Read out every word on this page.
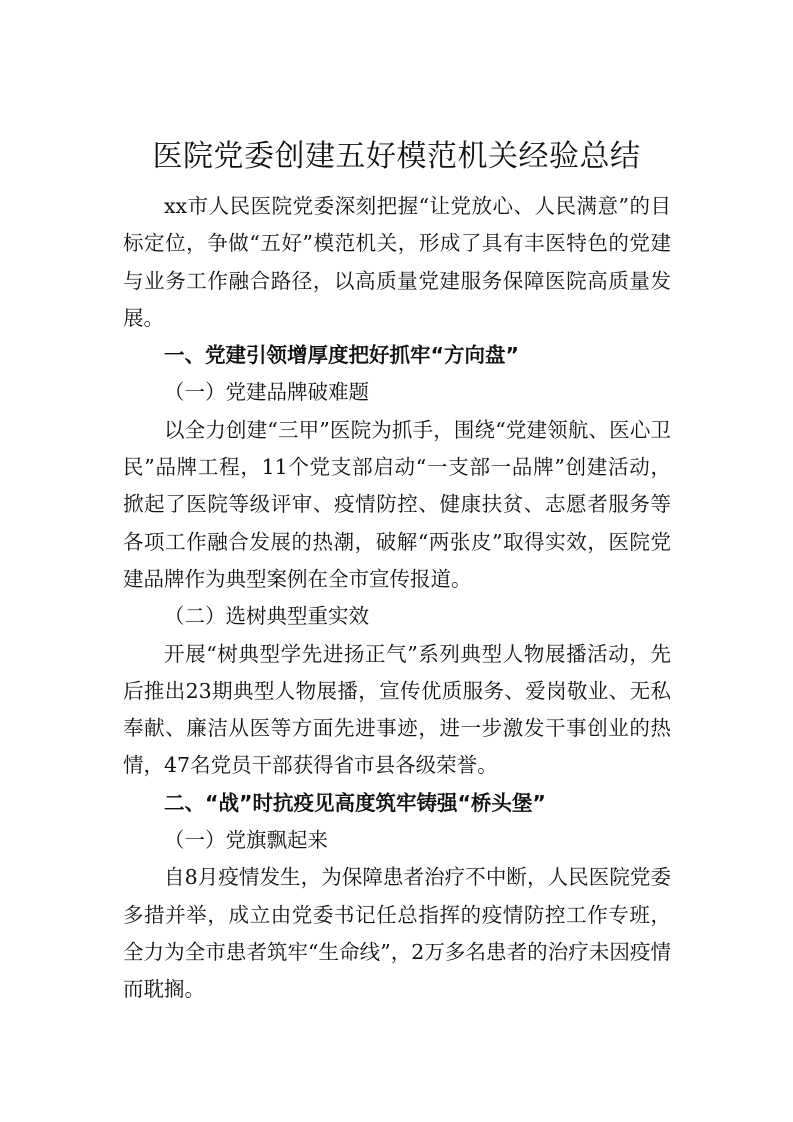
医院党委创建五好模范机关经验总结

xx市人民医院党委深刻把握“让党放心、人民满意”的目标定位，争做“五好”模范机关，形成了具有丰医特色的党建与业务工作融合路径，以高质量党建服务保障医院高质量发展。

一、党建引领增厚度把好抓牢“方向盘”

（一）党建品牌破难题

以全力创建“三甲”医院为抓手，围绕“党建领航、医心卫民”品牌工程，11个党支部启动“一支部一品牌”创建活动，掀起了医院等级评审、疫情防控、健康扶贫、志愿者服务等各项工作融合发展的热潮，破解“两张皮”取得实效，医院党建品牌作为典型案例在全市宣传报道。

（二）选树典型重实效

开展“树典型学先进扬正气”系列典型人物展播活动，先后推出23期典型人物展播，宣传优质服务、爱岗敬业、无私奉献、廉洁从医等方面先进事迹，进一步激发干事创业的热情，47名党员干部获得省市县各级荣誉。

二、“战”时抗疫见高度筑牢铸强“桥头堡”

（一）党旗飘起来

自8月疫情发生，为保障患者治疗不中断，人民医院党委多措并举，成立由党委书记任总指挥的疫情防控工作专班，全力为全市患者筑牢“生命线”，2万多名患者的治疗未因疫情而耽搁。
